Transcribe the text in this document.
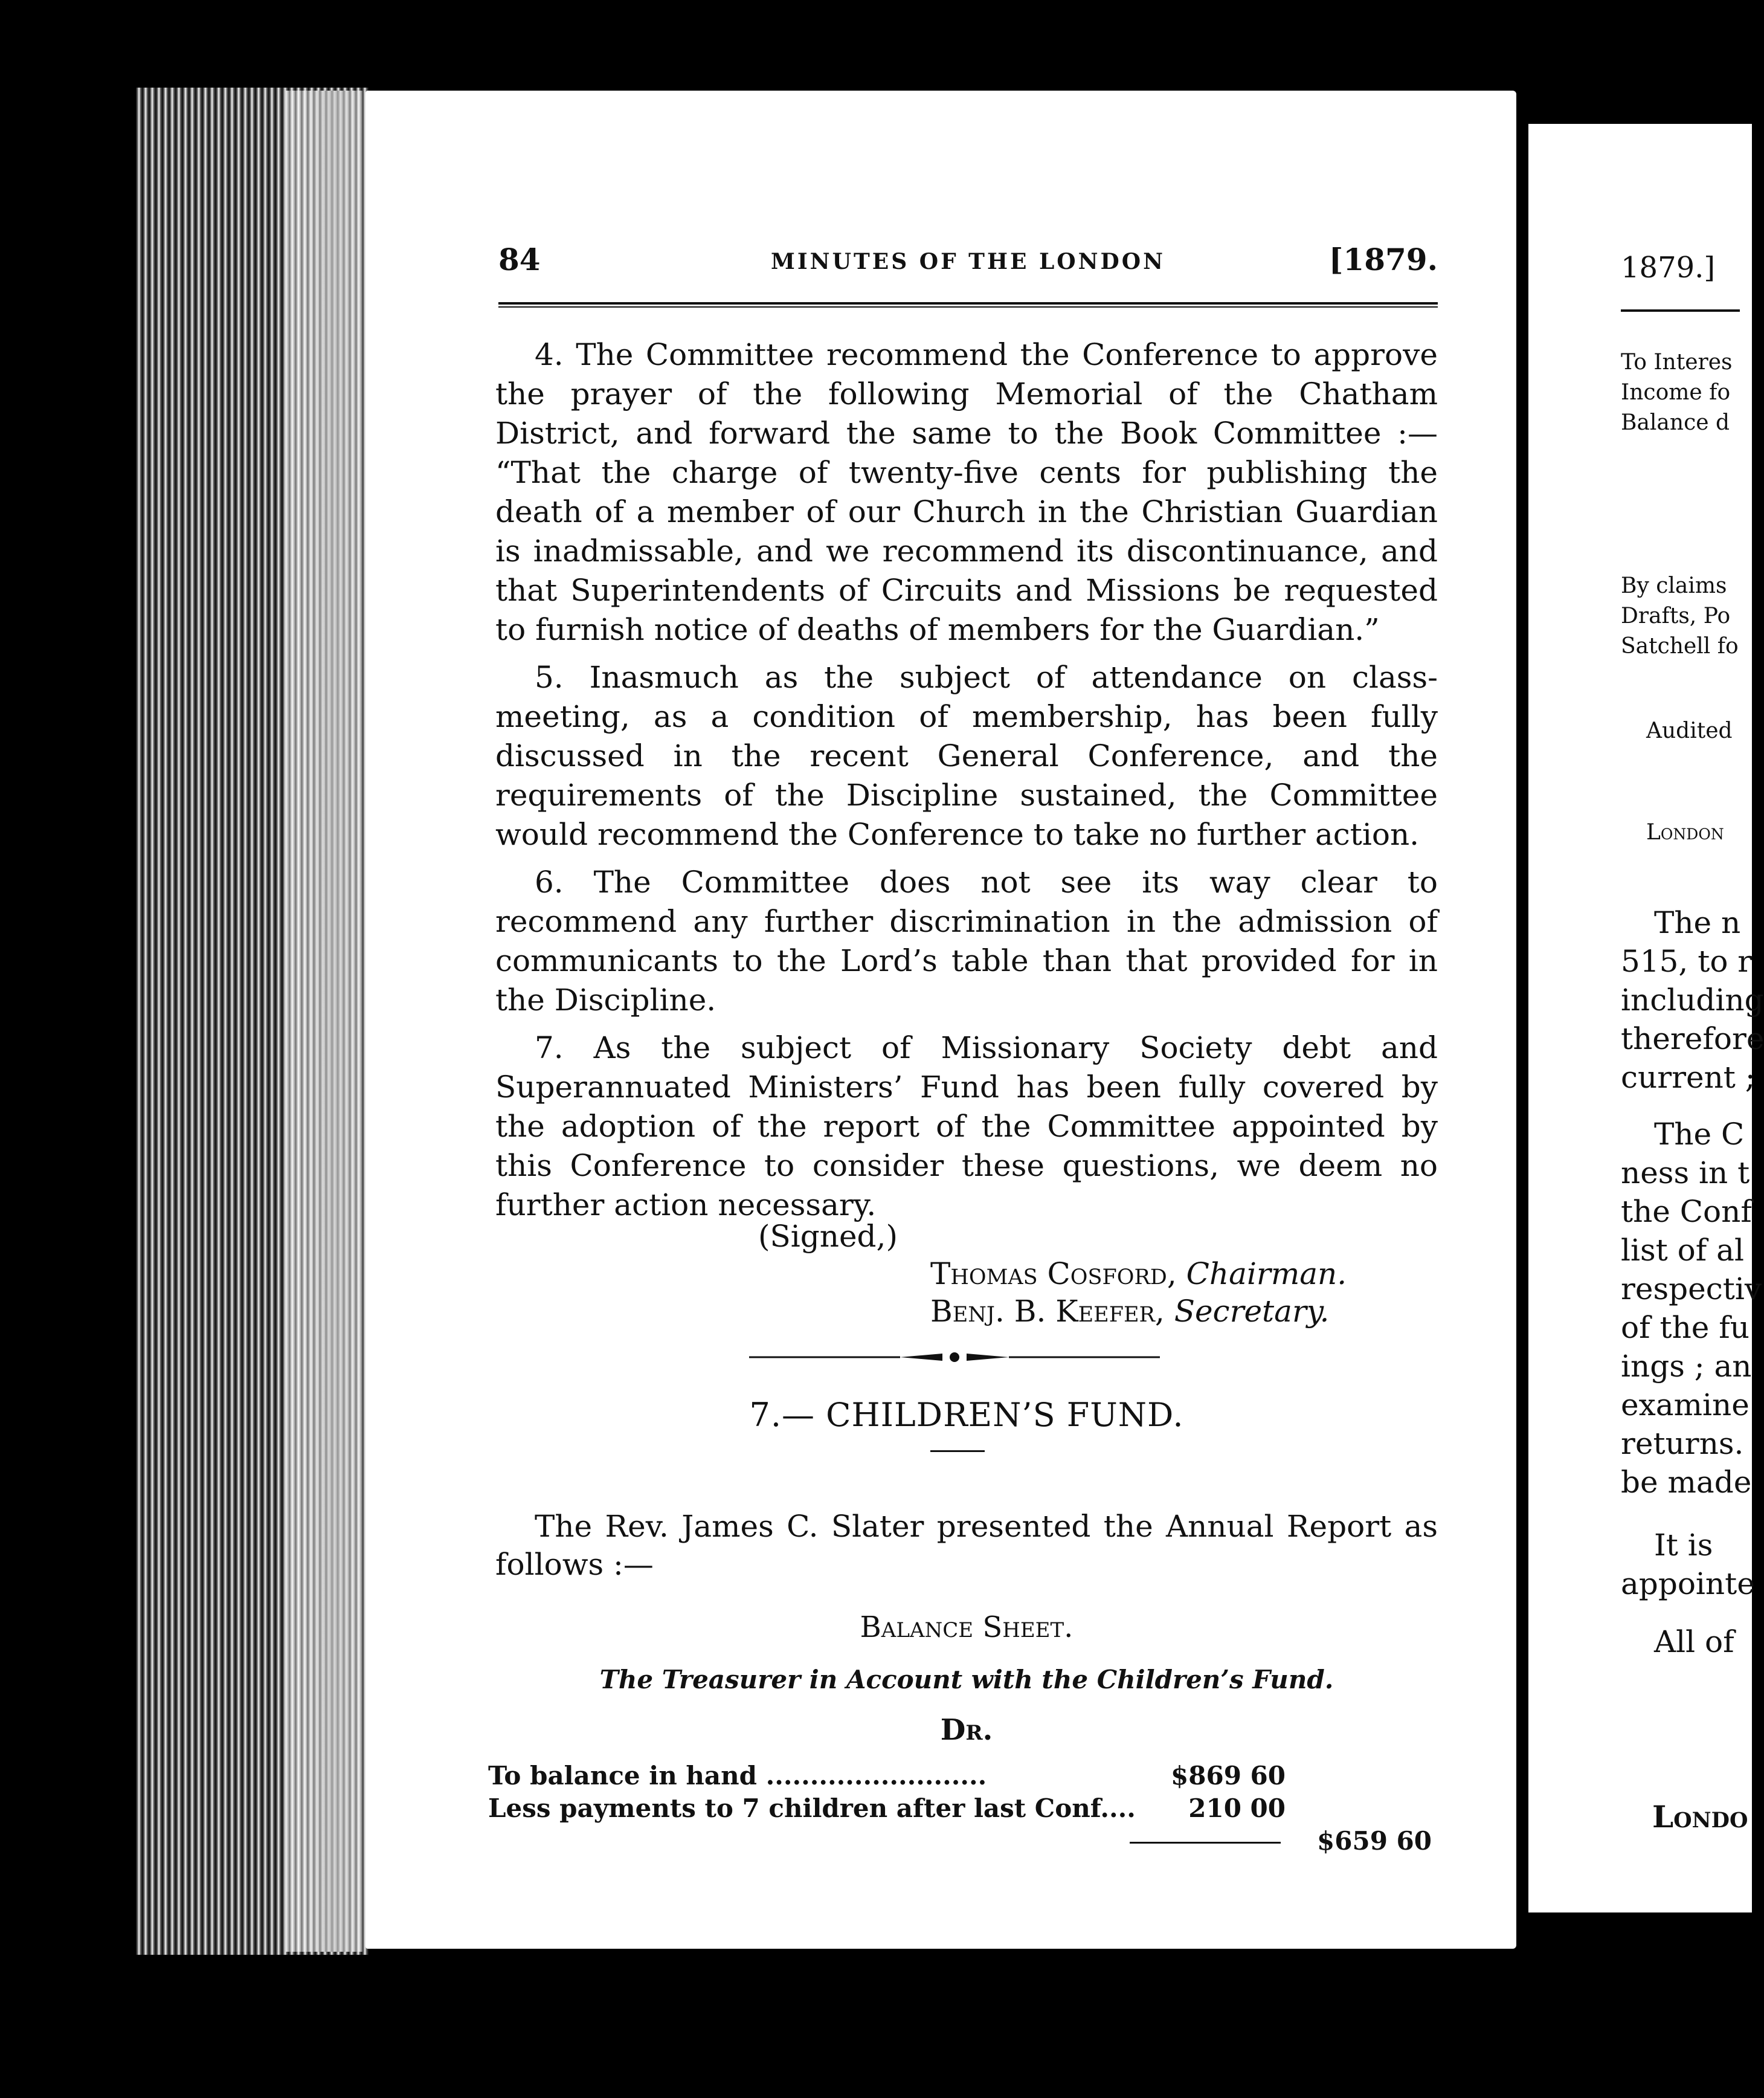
84	MINUTES OF THE LONDON	[1879.

4. The Committee recommend the Conference to approve the prayer of the following Memorial of the Chatham District, and forward the same to the Book Committee :— “That the charge of twenty-five cents for publishing the death of a member of our Church in the Christian Guardian is inadmissable, and we recommend its discontinuance, and that Superintendents of Circuits and Missions be requested to furnish notice of deaths of members for the Guardian.”

5. Inasmuch as the subject of attendance on class-meeting, as a condition of membership, has been fully discussed in the recent General Conference, and the requirements of the Discipline sustained, the Committee would recommend the Conference to take no further action.

6. The Committee does not see its way clear to recommend any further discrimination in the admission of communicants to the Lord’s table than that provided for in the Discipline.

7. As the subject of Missionary Society debt and Superannuated Ministers’ Fund has been fully covered by the adoption of the report of the Committee appointed by this Conference to consider these questions, we deem no further action necessary.

(Signed,)
Thomas Cosford, Chairman.
Benj. B. Keefer, Secretary.
7.— CHILDREN’S FUND.
The Rev. James C. Slater presented the Annual Report as follows :—
Balance Sheet.
The Treasurer in Account with the Children’s Fund.
Dr.
To balance in hand .........................	$869 60
Less payments to 7 children after last Conf.... 210 00
$659 60
1879.]
To Interes
Income fo
Balance d
By claims
Drafts, Po
Satchell fo
Audited
London
The n
515, to r
including
therefore
current ;
The C
ness in t
the Conf
list of al
respectiv
of the fu
ings ; an
examine
returns.
be made
It is
appointe
All of
Londo
